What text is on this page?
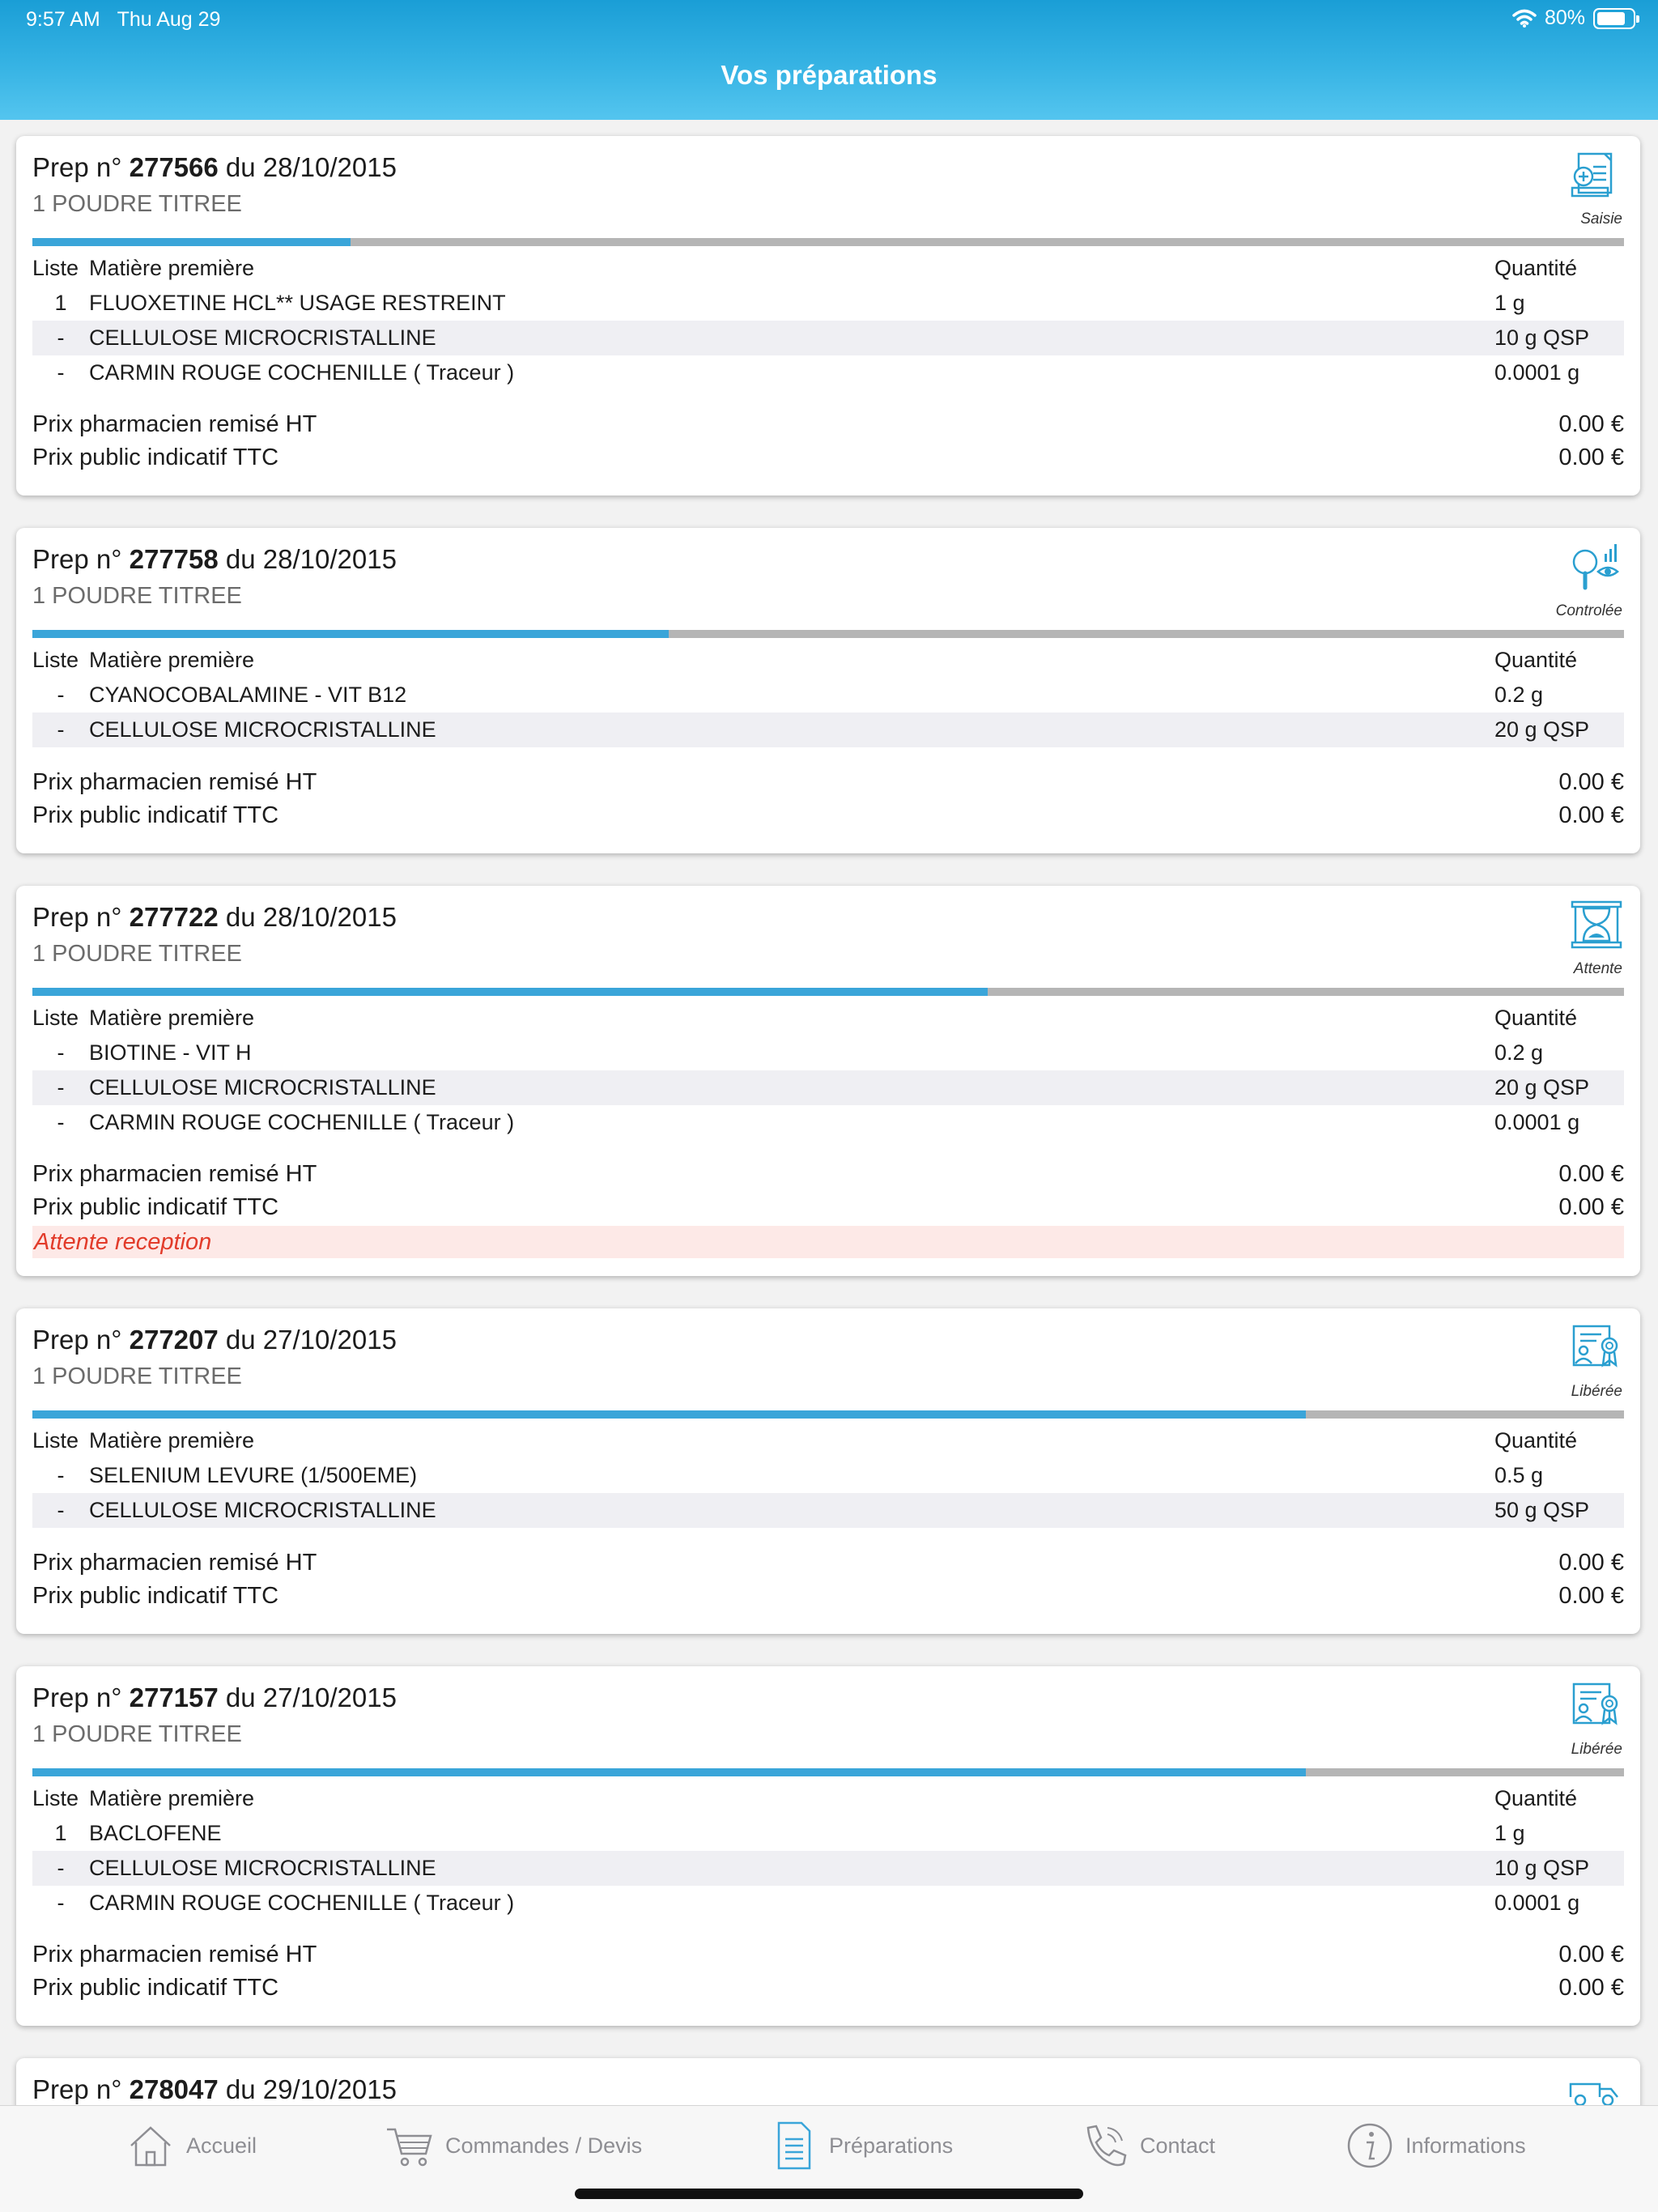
9:57 AM Thu Aug 29	80%
Vos préparations
Prep n° 277566 du 28/10/2015
1 POUDRE TITREE
Saisie
Liste Matière première	Quantité
1	FLUOXETINE HCL** USAGE RESTREINT	1 g
-	CELLULOSE MICROCRISTALLINE	10 g QSP
-	CARMIN ROUGE COCHENILLE ( Traceur )	0.0001 g
Prix pharmacien remisé HT	0.00 €
Prix public indicatif TTC	0.00 €
Prep n° 277758 du 28/10/2015
1 POUDRE TITREE
Controlée
Liste Matière première	Quantité
-	CYANOCOBALAMINE - VIT B12	0.2 g
-	CELLULOSE MICROCRISTALLINE	20 g QSP
Prix pharmacien remisé HT	0.00 €
Prix public indicatif TTC	0.00 €
Prep n° 277722 du 28/10/2015
1 POUDRE TITREE
Attente
Liste Matière première	Quantité
-	BIOTINE - VIT H	0.2 g
-	CELLULOSE MICROCRISTALLINE	20 g QSP
-	CARMIN ROUGE COCHENILLE ( Traceur )	0.0001 g
Prix pharmacien remisé HT	0.00 €
Prix public indicatif TTC	0.00 €
Attente reception
Prep n° 277207 du 27/10/2015
1 POUDRE TITREE
Libérée
Liste Matière première	Quantité
-	SELENIUM LEVURE (1/500EME)	0.5 g
-	CELLULOSE MICROCRISTALLINE	50 g QSP
Prix pharmacien remisé HT	0.00 €
Prix public indicatif TTC	0.00 €
Prep n° 277157 du 27/10/2015
1 POUDRE TITREE
Libérée
Liste Matière première	Quantité
1	BACLOFENE	1 g
-	CELLULOSE MICROCRISTALLINE	10 g QSP
-	CARMIN ROUGE COCHENILLE ( Traceur )	0.0001 g
Prix pharmacien remisé HT	0.00 €
Prix public indicatif TTC	0.00 €
Prep n° 278047 du 29/10/2015
Accueil	Commandes / Devis	Préparations	Contact	Informations
